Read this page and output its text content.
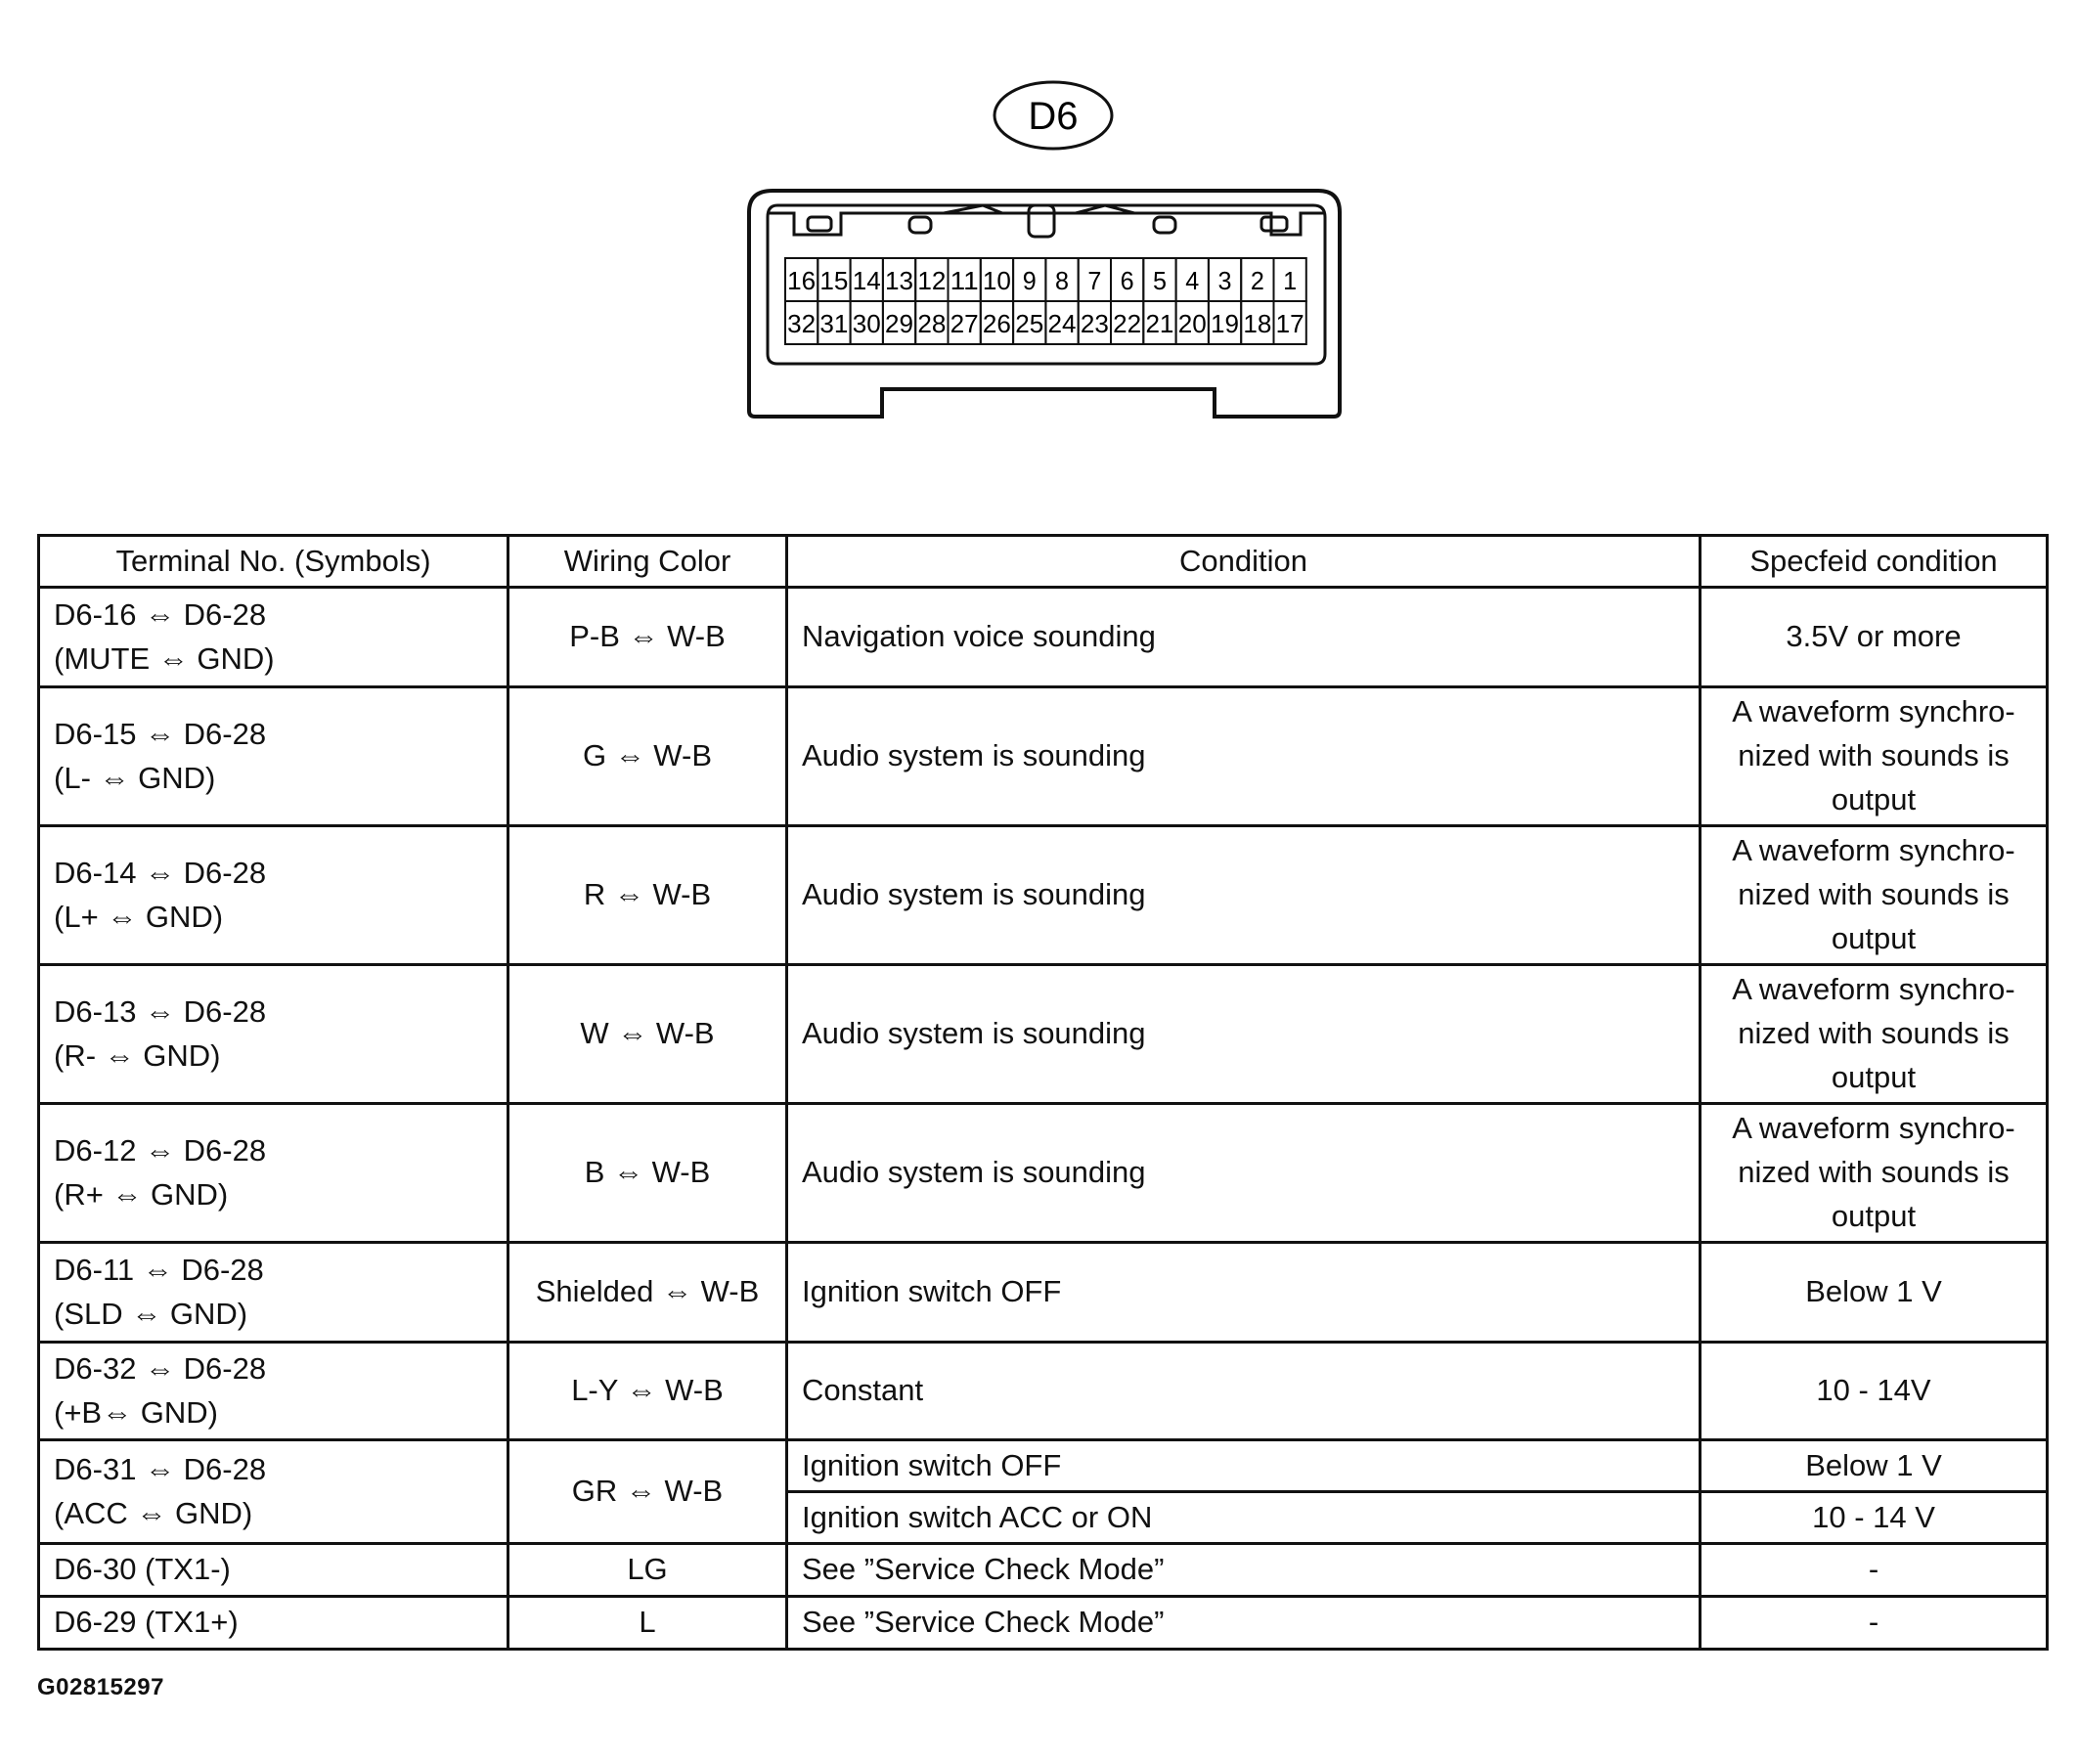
D6
16 15 14 13 12 11 10 9 8 7 6 5 4 3 2 1
32 31 30 29 28 27 26 25 24 23 22 21 20 19 18 17
Terminal No. (Symbols)	Wiring Color	Condition	Specfeid condition

D6-16 ⇔ D6-28
(MUTE ⇔ GND)	P-B ⇔ W-B	Navigation voice sounding	3.5V or more

D6-15 ⇔ D6-28
(L- ⇔ GND)	G ⇔ W-B	Audio system is sounding	A waveform synchro-
nized with sounds is
output

D6-14 ⇔ D6-28
(L+ ⇔ GND)	R ⇔ W-B	Audio system is sounding	A waveform synchro-
nized with sounds is
output

D6-13 ⇔ D6-28
(R- ⇔ GND)	W ⇔ W-B	Audio system is sounding	A waveform synchro-
nized with sounds is
output

D6-12 ⇔ D6-28
(R+ ⇔ GND)	B ⇔ W-B	Audio system is sounding	A waveform synchro-
nized with sounds is
output

D6-11 ⇔ D6-28
(SLD ⇔ GND)	Shielded ⇔ W-B	Ignition switch OFF	Below 1 V

D6-32 ⇔ D6-28
(+B⇔ GND)	L-Y ⇔ W-B	Constant	10 - 14V

D6-31 ⇔ D6-28
(ACC ⇔ GND)	GR ⇔ W-B	Ignition switch OFF	Below 1 V

		Ignition switch ACC or ON	10 - 14 V

D6-30 (TX1-)	LG	See ”Service Check Mode”	-

D6-29 (TX1+)	L	See ”Service Check Mode”	-
G02815297
